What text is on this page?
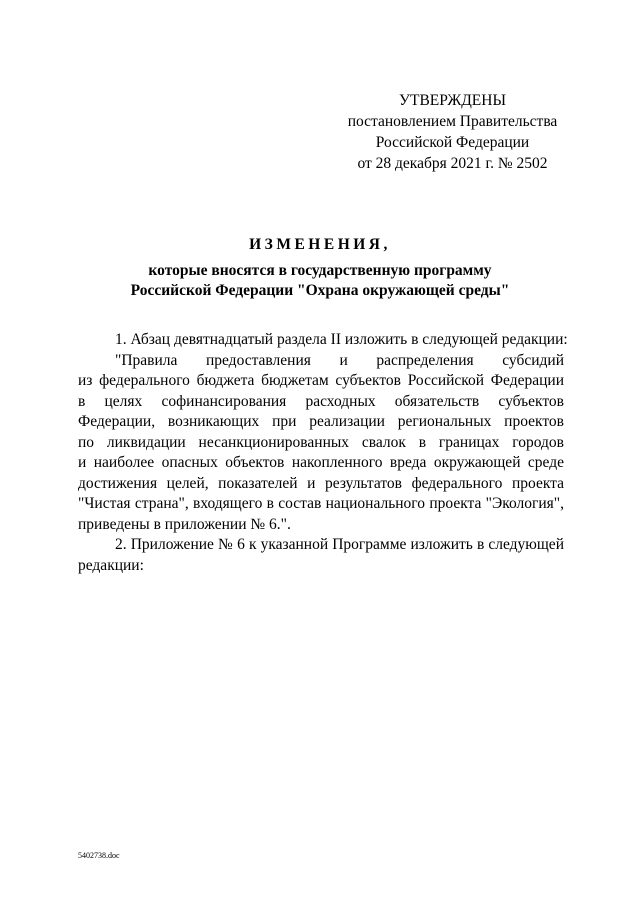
УТВЕРЖДЕНЫ
постановлением Правительства
Российской Федерации
от 28 декабря 2021 г. № 2502
ИЗМЕНЕНИЯ,
которые вносятся в государственную программу
Российской Федерации "Охрана окружающей среды"
1. Абзац девятнадцатый раздела II изложить в следующей редакции:
"Правила предоставления и распределения субсидий
из федерального бюджета бюджетам субъектов Российской Федерации
в целях софинансирования расходных обязательств субъектов
Федерации, возникающих при реализации региональных проектов
по ликвидации несанкционированных свалок в границах городов
и наиболее опасных объектов накопленного вреда окружающей среде
достижения целей, показателей и результатов федерального проекта
"Чистая страна", входящего в состав национального проекта "Экология",
приведены в приложении № 6.".
2. Приложение № 6 к указанной Программе изложить в следующей
редакции:
5402738.doc
